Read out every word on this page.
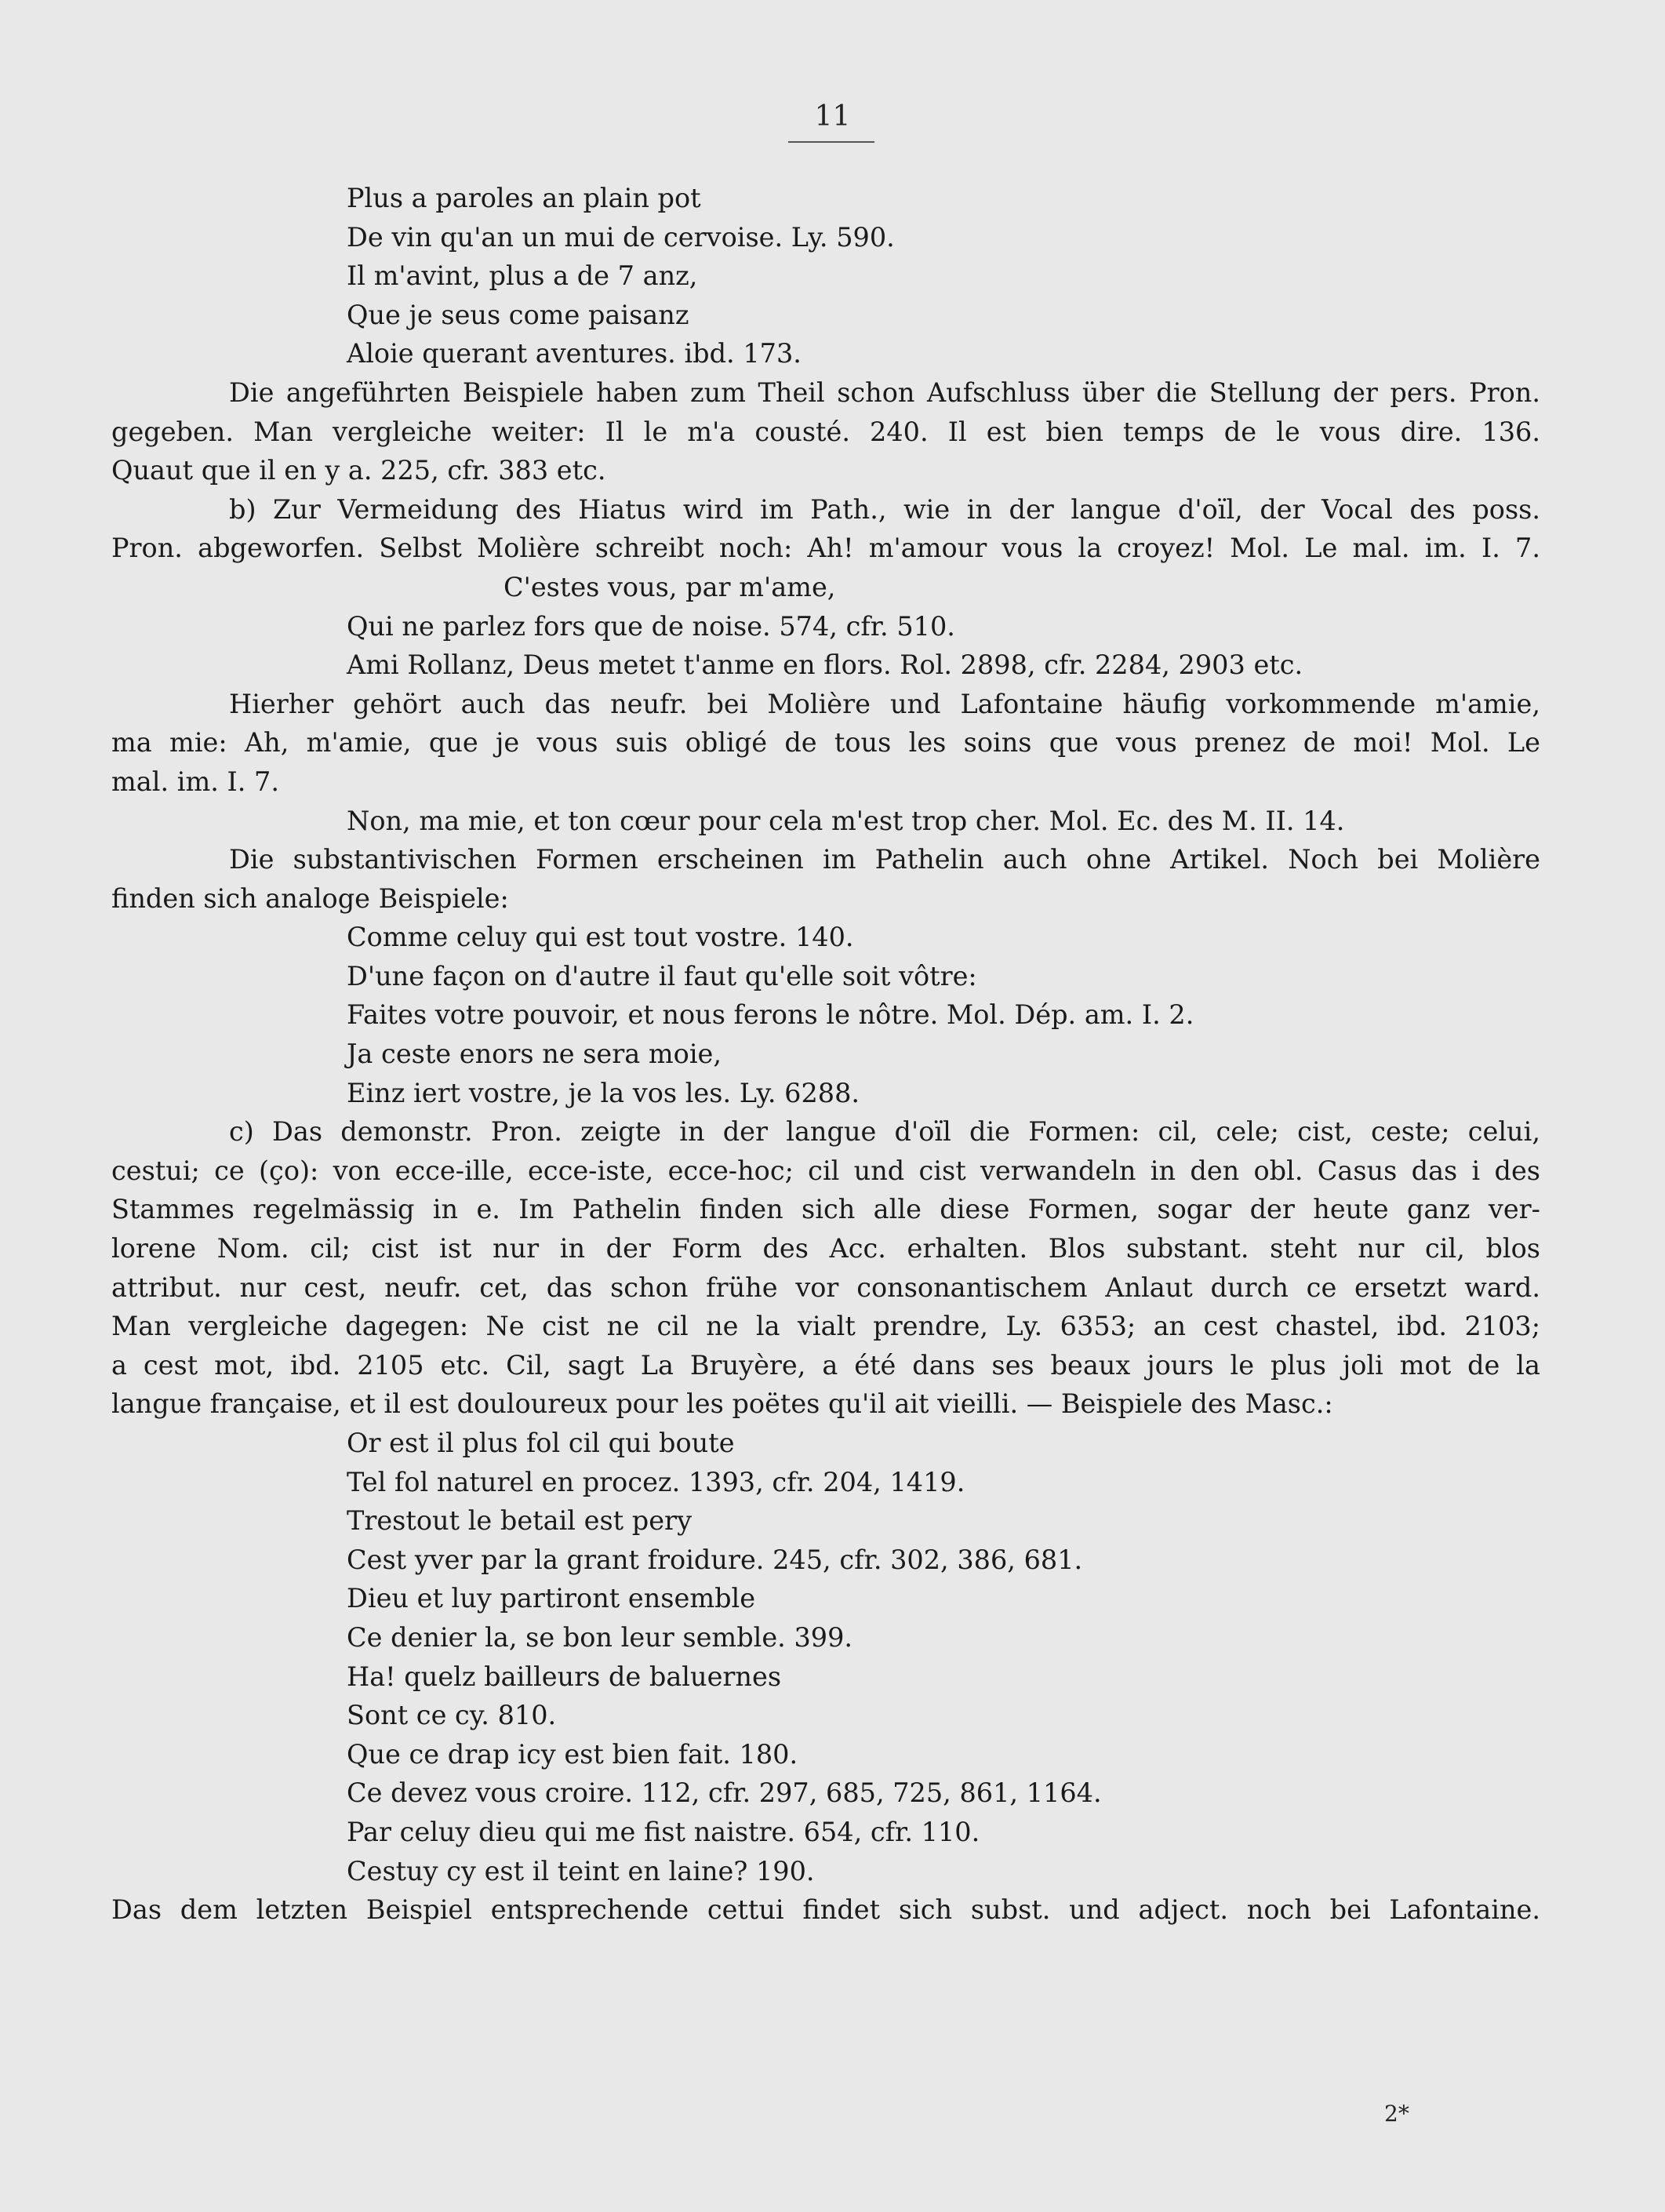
11
Plus a paroles an plain pot
De vin qu'an un mui de cervoise. Ly. 590.
Il m'avint, plus a de 7 anz,
Que je seus come paisanz
Aloie querant aventures. ibd. 173.
Die angeführten Beispiele haben zum Theil schon Aufschluss über die Stellung der pers. Pron.
gegeben. Man vergleiche weiter: Il le m'a cousté. 240. Il est bien temps de le vous dire. 136.
Quaut que il en y a. 225, cfr. 383 etc.
b) Zur Vermeidung des Hiatus wird im Path., wie in der langue d'oïl, der Vocal des poss.
Pron. abgeworfen. Selbst Molière schreibt noch: Ah! m'amour vous la croyez! Mol. Le mal. im. I. 7.
C'estes vous, par m'ame,
Qui ne parlez fors que de noise. 574, cfr. 510.
Ami Rollanz, Deus metet t'anme en flors. Rol. 2898, cfr. 2284, 2903 etc.
Hierher gehört auch das neufr. bei Molière und Lafontaine häufig vorkommende m'amie,
ma mie: Ah, m'amie, que je vous suis obligé de tous les soins que vous prenez de moi! Mol. Le
mal. im. I. 7.
Non, ma mie, et ton cœur pour cela m'est trop cher. Mol. Ec. des M. II. 14.
Die substantivischen Formen erscheinen im Pathelin auch ohne Artikel. Noch bei Molière
finden sich analoge Beispiele:
Comme celuy qui est tout vostre. 140.
D'une façon on d'autre il faut qu'elle soit vôtre:
Faites votre pouvoir, et nous ferons le nôtre. Mol. Dép. am. I. 2.
Ja ceste enors ne sera moie,
Einz iert vostre, je la vos les. Ly. 6288.
c) Das demonstr. Pron. zeigte in der langue d'oïl die Formen: cil, cele; cist, ceste; celui,
cestui; ce (ço): von ecce-ille, ecce-iste, ecce-hoc; cil und cist verwandeln in den obl. Casus das i des
Stammes regelmässig in e. Im Pathelin finden sich alle diese Formen, sogar der heute ganz ver-
lorene Nom. cil; cist ist nur in der Form des Acc. erhalten. Blos substant. steht nur cil, blos
attribut. nur cest, neufr. cet, das schon frühe vor consonantischem Anlaut durch ce ersetzt ward.
Man vergleiche dagegen: Ne cist ne cil ne la vialt prendre, Ly. 6353; an cest chastel, ibd. 2103;
a cest mot, ibd. 2105 etc. Cil, sagt La Bruyère, a été dans ses beaux jours le plus joli mot de la
langue française, et il est douloureux pour les poëtes qu'il ait vieilli. — Beispiele des Masc.:
Or est il plus fol cil qui boute
Tel fol naturel en procez. 1393, cfr. 204, 1419.
Trestout le betail est pery
Cest yver par la grant froidure. 245, cfr. 302, 386, 681.
Dieu et luy partiront ensemble
Ce denier la, se bon leur semble. 399.
Ha! quelz bailleurs de baluernes
Sont ce cy. 810.
Que ce drap icy est bien fait. 180.
Ce devez vous croire. 112, cfr. 297, 685, 725, 861, 1164.
Par celuy dieu qui me fist naistre. 654, cfr. 110.
Cestuy cy est il teint en laine? 190.
Das dem letzten Beispiel entsprechende cettui findet sich subst. und adject. noch bei Lafontaine.
2*
